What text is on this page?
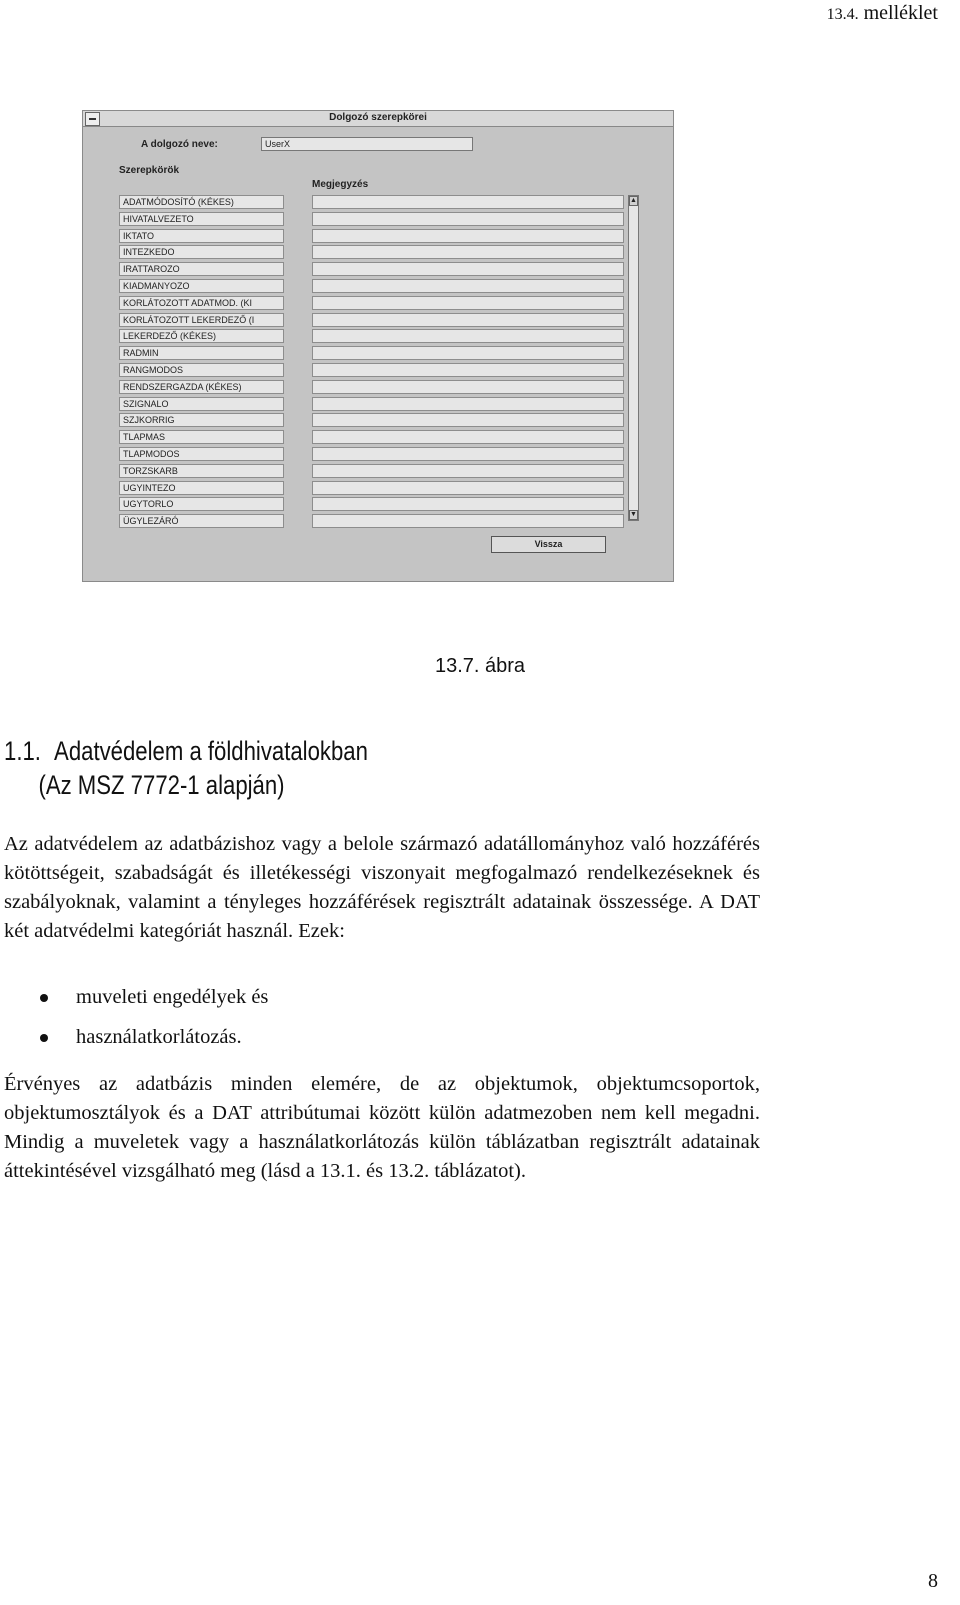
13.4. melléklet
Dolgozó szerepkörei
A dolgozó neve:	UserX
Szerepkörök
Megjegyzés
ADATMÓDOSÍTÓ (KÉKES)
HIVATALVEZETO
IKTATO
INTEZKEDO
IRATTAROZO
KIADMANYOZO
KORLÁTOZOTT ADATMOD. (KI
KORLÁTOZOTT LEKERDEZŐ (I
LEKERDEZŐ (KÉKES)
RADMIN
RANGMODOS
RENDSZERGAZDA (KÉKES)
SZIGNALO
SZJKORRIG
TLAPMAS
TLAPMODOS
TORZSKARB
UGYINTEZO
UGYTORLO
ÜGYLEZÁRÓ
▲
▼
Vissza
13.7. ábra
1.1. Adatvédelem a földhivatalokban
(Az MSZ 7772-1 alapján)

Az adatvédelem az adatbázishoz vagy a belole származó adatállományhoz való hozzáférés kötöttségeit, szabadságát és illetékességi viszonyait megfogalmazó rendelkezéseknek és szabályoknak, valamint a tényleges hozzáférések regisztrált adatainak összessége. A DAT két adatvédelmi kategóriát használ. Ezek:

muveleti engedélyek és
használatkorlátozás.

Érvényes az adatbázis minden elemére, de az objektumok, objektumcsoportok, objektumosztályok és a DAT attribútumai között külön adatmezoben nem kell megadni. Mindig a muveletek vagy a használatkorlátozás külön táblázatban regisztrált adatainak áttekintésével vizsgálható meg (lásd a 13.1. és 13.2. táblázatot).

8
